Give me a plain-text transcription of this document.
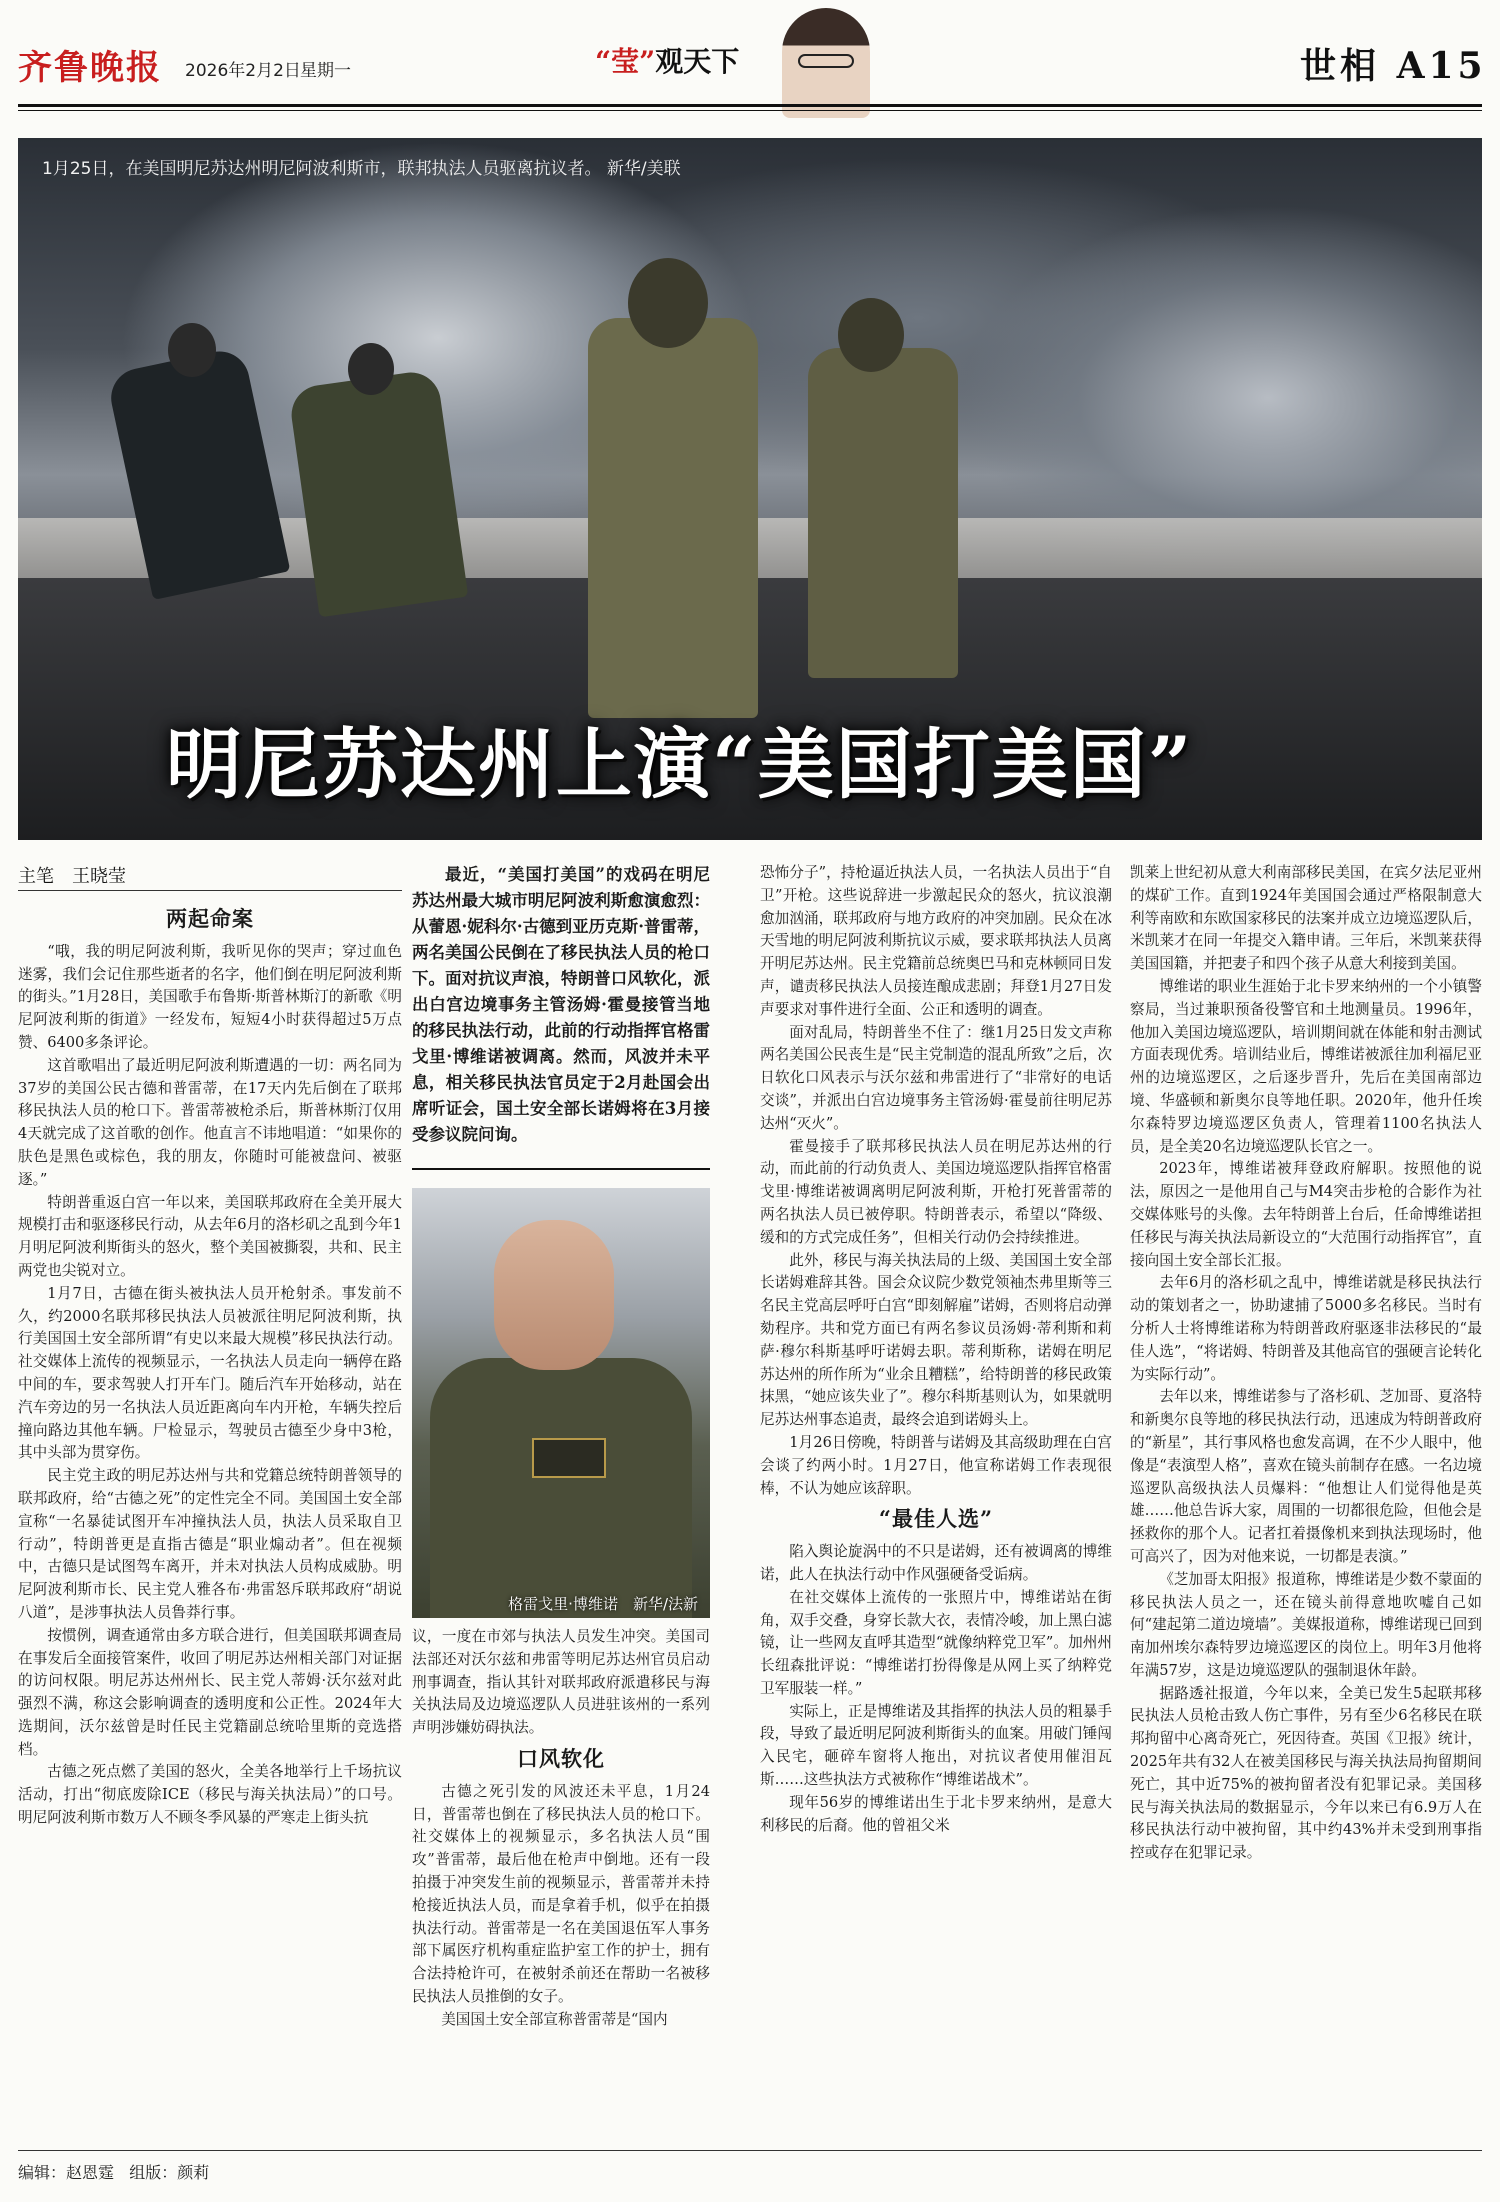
齐鲁晚报 2026年2月2日 星期一	“莹”观天下	世相 A15
1月25日，在美国明尼苏达州明尼阿波利斯市，联邦执法人员驱离抗议者。 新华/美联
明尼苏达州上演“美国打美国”
主笔　王晓莹
两起命案

“哦，我的明尼阿波利斯，我听见你的哭声；穿过血色迷雾，我们会记住那些逝者的名字，他们倒在明尼阿波利斯的街头。”1月28日，美国歌手布鲁斯·斯普林斯汀的新歌《明尼阿波利斯的街道》一经发布，短短4小时获得超过5万点赞、6400多条评论。

这首歌唱出了最近明尼阿波利斯遭遇的一切：两名同为37岁的美国公民古德和普雷蒂，在17天内先后倒在了联邦移民执法人员的枪口下。普雷蒂被枪杀后，斯普林斯汀仅用4天就完成了这首歌的创作。他直言不讳地唱道：“如果你的肤色是黑色或棕色，我的朋友，你随时可能被盘问、被驱逐。”

特朗普重返白宫一年以来，美国联邦政府在全美开展大规模打击和驱逐移民行动，从去年6月的洛杉矶之乱到今年1月明尼阿波利斯街头的怒火，整个美国被撕裂，共和、民主两党也尖锐对立。

1月7日，古德在街头被执法人员开枪射杀。事发前不久，约2000名联邦移民执法人员被派往明尼阿波利斯，执行美国国土安全部所谓“有史以来最大规模”移民执法行动。社交媒体上流传的视频显示，一名执法人员走向一辆停在路中间的车，要求驾驶人打开车门。随后汽车开始移动，站在汽车旁边的另一名执法人员近距离向车内开枪，车辆失控后撞向路边其他车辆。尸检显示，驾驶员古德至少身中3枪，其中头部为贯穿伤。

民主党主政的明尼苏达州与共和党籍总统特朗普领导的联邦政府，给“古德之死”的定性完全不同。美国国土安全部宣称“一名暴徒试图开车冲撞执法人员，执法人员采取自卫行动”，特朗普更是直指古德是“职业煽动者”。但在视频中，古德只是试图驾车离开，并未对执法人员构成威胁。明尼阿波利斯市长、民主党人雅各布·弗雷怒斥联邦政府“胡说八道”，是涉事执法人员鲁莽行事。

按惯例，调查通常由多方联合进行，但美国联邦调查局在事发后全面接管案件，收回了明尼苏达州相关部门对证据的访问权限。明尼苏达州州长、民主党人蒂姆·沃尔兹对此强烈不满，称这会影响调查的透明度和公正性。2024年大选期间，沃尔兹曾是时任民主党籍副总统哈里斯的竞选搭档。

古德之死点燃了美国的怒火，全美各地举行上千场抗议活动，打出“彻底废除ICE（移民与海关执法局）”的口号。明尼阿波利斯市数万人不顾冬季风暴的严寒走上街头抗

最近，“美国打美国”的戏码在明尼苏达州最大城市明尼阿波利斯愈演愈烈：从蕾恩·妮科尔·古德到亚历克斯·普雷蒂，两名美国公民倒在了移民执法人员的枪口下。面对抗议声浪，特朗普口风软化，派出白宫边境事务主管汤姆·霍曼接管当地的移民执法行动，此前的行动指挥官格雷戈里·博维诺被调离。然而，风波并未平息，相关移民执法官员定于2月赴国会出席听证会，国土安全部长诺姆将在3月接受参议院问询。

格雷戈里·博维诺　新华/法新

议，一度在市郊与执法人员发生冲突。美国司法部还对沃尔兹和弗雷等明尼苏达州官员启动刑事调查，指认其针对联邦政府派遣移民与海关执法局及边境巡逻队人员进驻该州的一系列声明涉嫌妨碍执法。

口风软化

古德之死引发的风波还未平息，1月24日，普雷蒂也倒在了移民执法人员的枪口下。社交媒体上的视频显示，多名执法人员“围攻”普雷蒂，最后他在枪声中倒地。还有一段拍摄于冲突发生前的视频显示，普雷蒂并未持枪接近执法人员，而是拿着手机，似乎在拍摄执法行动。普雷蒂是一名在美国退伍军人事务部下属医疗机构重症监护室工作的护士，拥有合法持枪许可，在被射杀前还在帮助一名被移民执法人员推倒的女子。

美国国土安全部宣称普雷蒂是“国内

恐怖分子”，持枪逼近执法人员，一名执法人员出于“自卫”开枪。这些说辞进一步激起民众的怒火，抗议浪潮愈加汹涌，联邦政府与地方政府的冲突加剧。民众在冰天雪地的明尼阿波利斯抗议示威，要求联邦执法人员离开明尼苏达州。民主党籍前总统奥巴马和克林顿同日发声，谴责移民执法人员接连酿成悲剧；拜登1月27日发声要求对事件进行全面、公正和透明的调查。

面对乱局，特朗普坐不住了：继1月25日发文声称两名美国公民丧生是“民主党制造的混乱所致”之后，次日软化口风表示与沃尔兹和弗雷进行了“非常好的电话交谈”，并派出白宫边境事务主管汤姆·霍曼前往明尼苏达州“灭火”。

霍曼接手了联邦移民执法人员在明尼苏达州的行动，而此前的行动负责人、美国边境巡逻队指挥官格雷戈里·博维诺被调离明尼阿波利斯，开枪打死普雷蒂的两名执法人员已被停职。特朗普表示，希望以“降级、缓和的方式完成任务”，但相关行动仍会持续推进。

此外，移民与海关执法局的上级、美国国土安全部长诺姆难辞其咎。国会众议院少数党领袖杰弗里斯等三名民主党高层呼吁白宫“即刻解雇”诺姆，否则将启动弹劾程序。共和党方面已有两名参议员汤姆·蒂利斯和莉萨·穆尔科斯基呼吁诺姆去职。蒂利斯称，诺姆在明尼苏达州的所作所为“业余且糟糕”，给特朗普的移民政策抹黑，“她应该失业了”。穆尔科斯基则认为，如果就明尼苏达州事态追责，最终会追到诺姆头上。

1月26日傍晚，特朗普与诺姆及其高级助理在白宫会谈了约两小时。1月27日，他宣称诺姆工作表现很棒，不认为她应该辞职。

“最佳人选”

陷入舆论旋涡中的不只是诺姆，还有被调离的博维诺，此人在执法行动中作风强硬备受诟病。

在社交媒体上流传的一张照片中，博维诺站在街角，双手交叠，身穿长款大衣，表情冷峻，加上黑白滤镜，让一些网友直呼其造型“就像纳粹党卫军”。加州州长纽森批评说：“博维诺打扮得像是从网上买了纳粹党卫军服装一样。”

实际上，正是博维诺及其指挥的执法人员的粗暴手段，导致了最近明尼阿波利斯街头的血案。用破门锤闯入民宅，砸碎车窗将人拖出，对抗议者使用催泪瓦斯……这些执法方式被称作“博维诺战术”。

现年56岁的博维诺出生于北卡罗来纳州，是意大利移民的后裔。他的曾祖父米

凯莱上世纪初从意大利南部移民美国，在宾夕法尼亚州的煤矿工作。直到1924年美国国会通过严格限制意大利等南欧和东欧国家移民的法案并成立边境巡逻队后，米凯莱才在同一年提交入籍申请。三年后，米凯莱获得美国国籍，并把妻子和四个孩子从意大利接到美国。

博维诺的职业生涯始于北卡罗来纳州的一个小镇警察局，当过兼职预备役警官和土地测量员。1996年，他加入美国边境巡逻队，培训期间就在体能和射击测试方面表现优秀。培训结业后，博维诺被派往加利福尼亚州的边境巡逻区，之后逐步晋升，先后在美国南部边境、华盛顿和新奥尔良等地任职。2020年，他升任埃尔森特罗边境巡逻区负责人，管理着1100名执法人员，是全美20名边境巡逻队长官之一。

2023年，博维诺被拜登政府解职。按照他的说法，原因之一是他用自己与M4突击步枪的合影作为社交媒体账号的头像。去年特朗普上台后，任命博维诺担任移民与海关执法局新设立的“大范围行动指挥官”，直接向国土安全部长汇报。

去年6月的洛杉矶之乱中，博维诺就是移民执法行动的策划者之一，协助逮捕了5000多名移民。当时有分析人士将博维诺称为特朗普政府驱逐非法移民的“最佳人选”，“将诺姆、特朗普及其他高官的强硬言论转化为实际行动”。

去年以来，博维诺参与了洛杉矶、芝加哥、夏洛特和新奥尔良等地的移民执法行动，迅速成为特朗普政府的“新星”，其行事风格也愈发高调，在不少人眼中，他像是“表演型人格”，喜欢在镜头前制存在感。一名边境巡逻队高级执法人员爆料：“他想让人们觉得他是英雄……他总告诉大家，周围的一切都很危险，但他会是拯救你的那个人。记者扛着摄像机来到执法现场时，他可高兴了，因为对他来说，一切都是表演。”

《芝加哥太阳报》报道称，博维诺是少数不蒙面的移民执法人员之一，还在镜头前得意地吹嘘自己如何“建起第二道边境墙”。美媒报道称，博维诺现已回到南加州埃尔森特罗边境巡逻区的岗位上。明年3月他将年满57岁，这是边境巡逻队的强制退休年龄。

据路透社报道，今年以来，全美已发生5起联邦移民执法人员枪击致人伤亡事件，另有至少6名移民在联邦拘留中心离奇死亡，死因待查。英国《卫报》统计，2025年共有32人在被美国移民与海关执法局拘留期间死亡，其中近75%的被拘留者没有犯罪记录。美国移民与海关执法局的数据显示，今年以来已有6.9万人在移民执法行动中被拘留，其中约43%并未受到刑事指控或存在犯罪记录。

编辑：赵恩霆 组版：颜莉
